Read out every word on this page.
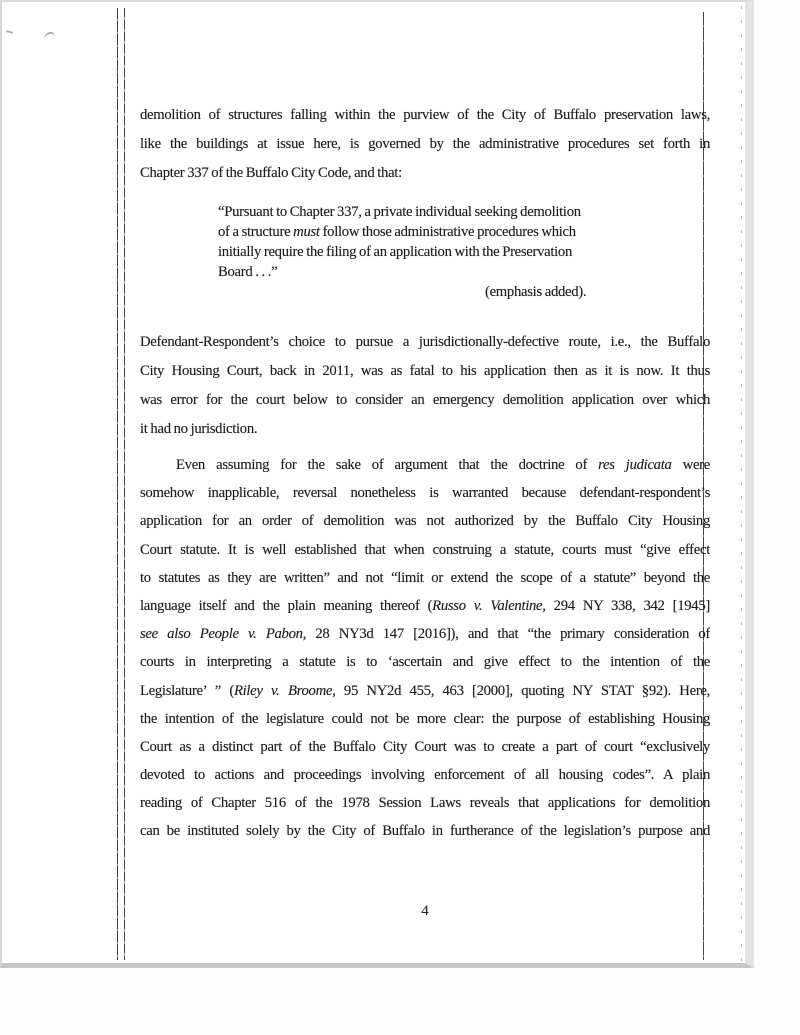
demolition of structures falling within the purview of the City of Buffalo preservation laws,
like the buildings at issue here, is governed by the administrative procedures set forth in
Chapter 337 of the Buffalo City Code, and that:
“Pursuant to Chapter 337, a private individual seeking demolition
of a structure must follow those administrative procedures which
initially require the filing of an application with the Preservation
Board . . .”
(emphasis added).
Defendant-Respondent’s choice to pursue a jurisdictionally-defective route, i.e., the Buffalo
City Housing Court, back in 2011, was as fatal to his application then as it is now. It thus
was error for the court below to consider an emergency demolition application over which
it had no jurisdiction.
Even assuming for the sake of argument that the doctrine of res judicata were
somehow inapplicable, reversal nonetheless is warranted because defendant-respondent’s
application for an order of demolition was not authorized by the Buffalo City Housing
Court statute. It is well established that when construing a statute, courts must “give effect
to statutes as they are written” and not “limit or extend the scope of a statute” beyond the
language itself and the plain meaning thereof (Russo v. Valentine, 294 NY 338, 342 [1945]
see also People v. Pabon, 28 NY3d 147 [2016]), and that “the primary consideration of
courts in interpreting a statute is to ‘ascertain and give effect to the intention of the
Legislature’ ” (Riley v. Broome, 95 NY2d 455, 463 [2000], quoting NY STAT §92). Here,
the intention of the legislature could not be more clear: the purpose of establishing Housing
Court as a distinct part of the Buffalo City Court was to create a part of court “exclusively
devoted to actions and proceedings involving enforcement of all housing codes”. A plain
reading of Chapter 516 of the 1978 Session Laws reveals that applications for demolition
can be instituted solely by the City of Buffalo in furtherance of the legislation’s purpose and
4
